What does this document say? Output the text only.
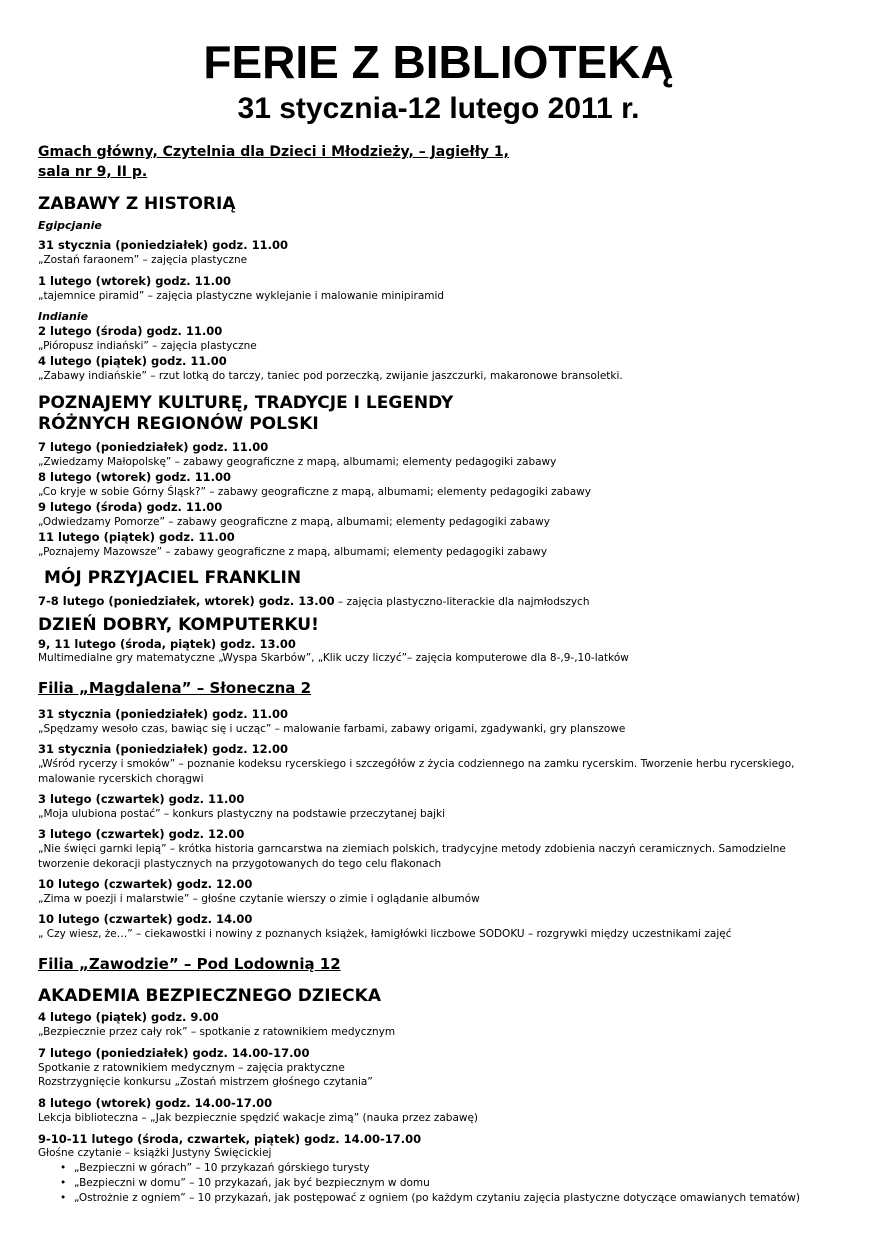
FERIE Z BIBLIOTEKĄ
31 stycznia-12 lutego 2011 r.
Gmach główny, Czytelnia dla Dzieci i Młodzieży, – Jagiełły 1,
sala nr 9, II p.
ZABAWY Z HISTORIĄ
Egipcjanie
31 stycznia (poniedziałek) godz. 11.00
„Zostań faraonem” – zajęcia plastyczne
1 lutego (wtorek) godz. 11.00
„tajemnice piramid” – zajęcia plastyczne wyklejanie i malowanie minipiramid
Indianie
2 lutego (środa) godz. 11.00
„Pióropusz indiański” – zajęcia plastyczne
4 lutego (piątek) godz. 11.00
„Zabawy indiańskie” – rzut lotką do tarczy, taniec pod porzeczką, zwijanie jaszczurki, makaronowe bransoletki.
POZNAJEMY KULTURĘ, TRADYCJE I LEGENDY
RÓŻNYCH REGIONÓW POLSKI
7 lutego (poniedziałek) godz. 11.00
„Zwiedzamy Małopolskę” – zabawy geograficzne z mapą, albumami; elementy pedagogiki zabawy
8 lutego (wtorek) godz. 11.00
„Co kryje w sobie Górny Śląsk?” – zabawy geograficzne z mapą, albumami; elementy pedagogiki zabawy
9 lutego (środa) godz. 11.00
„Odwiedzamy Pomorze” – zabawy geograficzne z mapą, albumami; elementy pedagogiki zabawy
11 lutego (piątek) godz. 11.00
„Poznajemy Mazowsze” – zabawy geograficzne z mapą, albumami; elementy pedagogiki zabawy
MÓJ PRZYJACIEL FRANKLIN
7-8 lutego (poniedziałek, wtorek) godz. 13.00 – zajęcia plastyczno-literackie dla najmłodszych
DZIEŃ DOBRY, KOMPUTERKU!
9, 11 lutego (środa, piątek) godz. 13.00
Multimedialne gry matematyczne „Wyspa Skarbów”, „Klik uczy liczyć”– zajęcia komputerowe dla 8-,9-,10-latków
Filia „Magdalena” – Słoneczna 2
31 stycznia (poniedziałek) godz. 11.00
„Spędzamy wesoło czas, bawiąc się i ucząc” – malowanie farbami, zabawy origami, zgadywanki, gry planszowe
31 stycznia (poniedziałek) godz. 12.00
„Wśród rycerzy i smoków” – poznanie kodeksu rycerskiego i szczegółów z życia codziennego na zamku rycerskim. Tworzenie herbu rycerskiego, malowanie rycerskich chorągwi
3 lutego (czwartek) godz. 11.00
„Moja ulubiona postać” – konkurs plastyczny na podstawie przeczytanej bajki
3 lutego (czwartek) godz. 12.00
„Nie święci garnki lepią” – krótka historia garncarstwa na ziemiach polskich, tradycyjne metody zdobienia naczyń ceramicznych. Samodzielne tworzenie dekoracji plastycznych na przygotowanych do tego celu flakonach
10 lutego (czwartek) godz. 12.00
„Zima w poezji i malarstwie” – głośne czytanie wierszy o zimie i oglądanie albumów
10 lutego (czwartek) godz. 14.00
„ Czy wiesz, że…” – ciekawostki i nowiny z poznanych książek, łamigłówki liczbowe SODOKU – rozgrywki między uczestnikami zajęć
Filia „Zawodzie” – Pod Lodownią 12
AKADEMIA BEZPIECZNEGO DZIECKA
4 lutego (piątek) godz. 9.00
„Bezpiecznie przez cały rok” – spotkanie z ratownikiem medycznym
7 lutego (poniedziałek) godz. 14.00-17.00
Spotkanie z ratownikiem medycznym – zajęcia praktyczne
Rozstrzygnięcie konkursu „Zostań mistrzem głośnego czytania”
8 lutego (wtorek) godz. 14.00-17.00
Lekcja biblioteczna – „Jak bezpiecznie spędzić wakacje zimą” (nauka przez zabawę)
9-10-11 lutego (środa, czwartek, piątek) godz. 14.00-17.00
Głośne czytanie – książki Justyny Święcickiej
• „Bezpieczni w górach” – 10 przykazań górskiego turysty
• „Bezpieczni w domu” – 10 przykazań, jak być bezpiecznym w domu
• „Ostrożnie z ogniem” – 10 przykazań, jak postępować z ogniem (po każdym czytaniu zajęcia plastyczne dotyczące omawianych tematów)
